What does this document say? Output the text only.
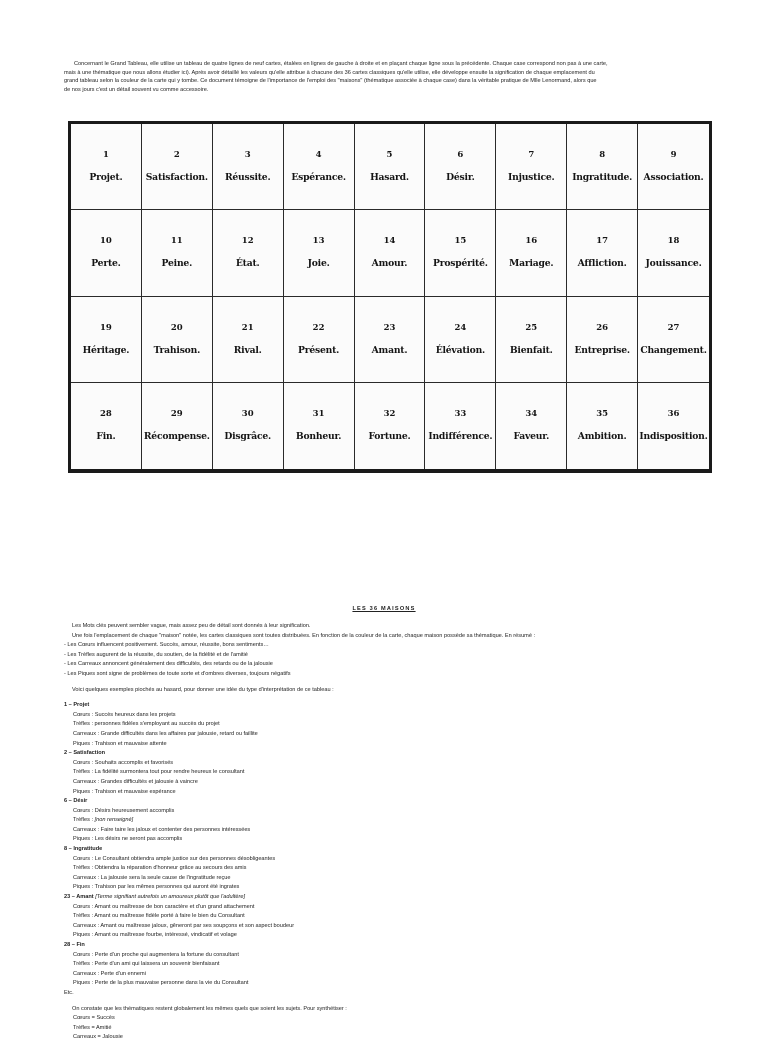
Concernant le Grand Tableau, elle utilise un tableau de quatre lignes de neuf cartes, étalées en lignes de gauche à droite et en plaçant chaque ligne sous la précédente. Chaque case correspond non pas à une carte,
mais à une thématique que nous allons étudier ici). Après avoir détaillé les valeurs qu'elle attribue à chacune des 36 cartes classiques qu'elle utilise, elle développe ensuite la signification de chaque emplacement du
grand tableau selon la couleur de la carte qui y tombe. Ce document témoigne de l'importance de l'emploi des "maisons" (thématique associée à chaque case) dans la véritable pratique de Mlle Lenormand, alors que
de nos jours c'est un détail souvent vu comme accessoire.
1
Projet.
2
Satisfaction.
3
Réussite.
4
Espérance.
5
Hasard.
6
Désir.
7
Injustice.
8
Ingratitude.
9
Association.
10
Perte.
11
Peine.
12
État.
13
Joie.
14
Amour.
15
Prospérité.
16
Mariage.
17
Affliction.
18
Jouissance.
19
Héritage.
20
Trahison.
21
Rival.
22
Présent.
23
Amant.
24
Élévation.
25
Bienfait.
26
Entreprise.
27
Changement.
28
Fin.
29
Récompense.
30
Disgrâce.
31
Bonheur.
32
Fortune.
33
Indifférence.
34
Faveur.
35
Ambition.
36
Indisposition.
LES 36 MAISONS
Les Mots clés peuvent sembler vague, mais assez peu de détail sont donnés à leur signification.
Une fois l'emplacement de chaque "maison" notée, les cartes classiques sont toutes distribuées. En fonction de la couleur de la carte, chaque maison possède sa thématique. En résumé :
- Les Cœurs influencent positivement. Succès, amour, réussite, bons sentiments…
- Les Trèfles augurent de la réussite, du soutien, de la fidélité et de l'amitié
- Les Carreaux annoncent généralement des difficultés, des retards ou de la jalousie
- Les Piques sont signe de problèmes de toute sorte et d'ombres diverses, toujours négatifs
Voici quelques exemples piochés au hasard, pour donner une idée du type d'interprétation de ce tableau :
1 – Projet
Cœurs : Succès heureux dans les projets
Trèfles : personnes fidèles s'employant au succès du projet
Carreaux : Grande difficultés dans les affaires par jalousie, retard ou faillite
Piques : Trahison et mauvaise attente
2 – Satisfaction
Cœurs : Souhaits accomplis et favorisés
Trèfles : La fidélité surmontera tout pour rendre heureux le consultant
Carreaux : Grandes difficultés et jalousie à vaincre
Piques : Trahison et mauvaise espérance
6 – Désir
Cœurs : Désirs heureusement accomplis
Trèfles : [non renseigné]
Carreaux : Faire taire les jaloux et contenter des personnes intéressées
Piques : Les désirs ne seront pas accomplis
8 – Ingratitude
Cœurs : Le Consultant obtiendra ample justice sur des personnes désobligeantes
Trèfles : Obtiendra la réparation d'honneur grâce au secours des amis
Carreaux : La jalousie sera la seule cause de l'ingratitude reçue
Piques : Trahison par les mêmes personnes qui auront été ingrates
23 – Amant [Terme signifiant autrefois un amoureux plutôt que l'adultère]
Cœurs : Amant ou maîtresse de bon caractère et d'un grand attachement
Trèfles : Amant ou maîtresse fidèle porté à faire le bien du Consultant
Carreaux : Amant ou maîtresse jaloux, gêneront par ses soupçons et son aspect boudeur
Piques : Amant ou maîtresse fourbe, intéressé, vindicatif et volage
28 – Fin
Cœurs : Perte d'un proche qui augmentera la fortune du consultant
Trèfles : Perte d'un ami qui laissera un souvenir bienfaisant
Carreaux : Perte d'un ennemi
Piques : Perte de la plus mauvaise personne dans la vie du Consultant
Etc.
On constate que les thématiques restent globalement les mêmes quels que soient les sujets. Pour synthétiser :
Cœurs = Succès
Trèfles = Amitié
Carreaux = Jalousie
